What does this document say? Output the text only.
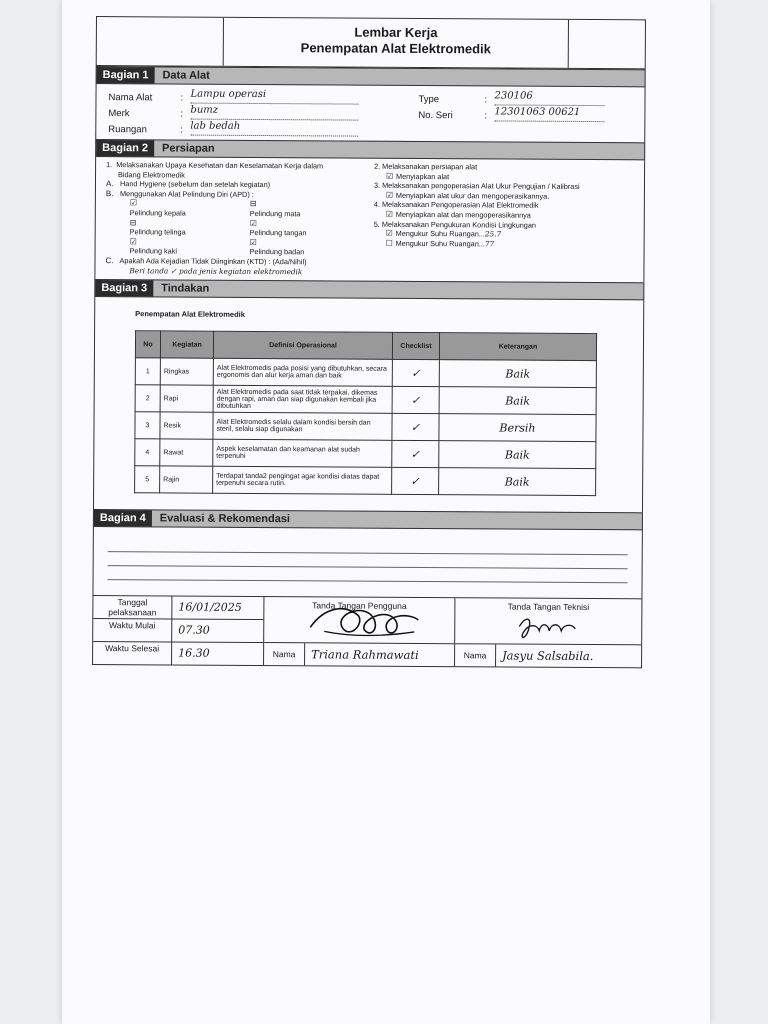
Lembar Kerja
Penempatan Alat Elektromedik
Bagian 1	Data Alat
Nama Alat	: Lampu operasi	Type	: 230106
Merk	: bumz	No. Seri	: 12301063 00621
Ruangan	: lab bedah
Bagian 2	Persiapan
1. Melaksanakan Upaya Kesehatan dan Keselamatan Kerja dalam
Bidang Elektromedik
A. Hand Hygiene (sebelum dan setelah kegiatan)
B. Menggunakan Alat Pelindung Diri (APD) :
☑Pelindung kepala
⊟Pelindung mata
⊟Pelindung telinga
☑Pelindung tangan
☑Pelindung kaki
☑Pelindung badan
C. Apakah Ada Kejadian Tidak Diinginkan (KTD) : (Ada/Nihil)
Beri tanda ✓ pada jenis kegiatan elektromedik
2. Melaksanakan persiapan alat
☑ Menyiapkan alat
3. Melaksanakan pengoperasian Alat Ukur Pengujian / Kalibrasi
☑ Menyiapkan alat ukur dan mengoperasikannya.
4. Melaksanakan Pengoperasian Alat Elektromedik
☑ Menyiapkan alat dan mengoperasikannya
5. Melaksanakan Pengukuran Kondisi Lingkungan
☑ Mengukur Suhu Ruangan...25.7
☐ Mengukur Suhu Ruangan...77
Bagian 3	Tindakan
Penempatan Alat Elektromedik
No	Kegiatan	Definisi Operasional	Checklist	Keterangan
1	Ringkas	Alat Elektromedis pada posisi yang dibutuhkan, secara ergonomis dan alur kerja aman dan baik	✓	Baik
2	Rapi	Alat Elektromedis pada saat tidak terpakai, dikemas dengan rapi, aman dan siap digunakan kembali jika dibutuhkan	✓	Baik
3	Resik	Alat Elektromedis selalu dalam kondisi bersih dan steril, selalu siap digunakan	✓	Bersih
4	Rawat	Aspek keselamatan dan keamanan alat sudah terpenuhi	✓	Baik
5	Rajin	Terdapat tanda2 pengingat agar kondisi diatas dapat terpenuhi secara rutin.	✓	Baik
Bagian 4	Evaluasi & Rekomendasi
Tanggal pelaksanaan	16/01/2025
Waktu Mulai	07.30
Waktu Selesai	16.30
Tanda Tangan Pengguna
Nama	Triana Rahmawati
Tanda Tangan Teknisi
Nama	Jasyu Salsabila.
